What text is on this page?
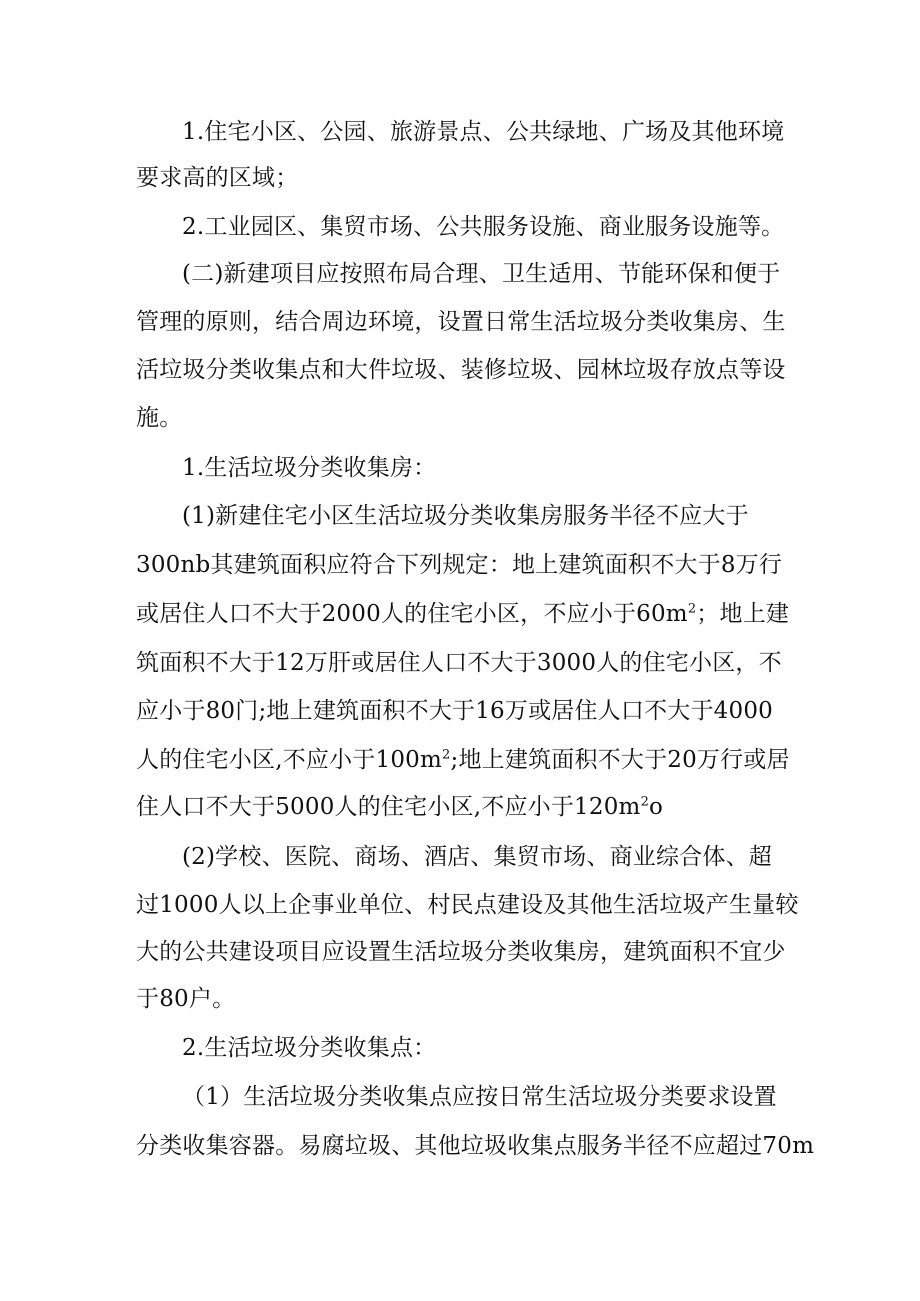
1.住宅小区、公园、旅游景点、公共绿地、广场及其他环境
要求高的区域；
2.工业园区、集贸市场、公共服务设施、商业服务设施等。
(二)新建项目应按照布局合理、卫生适用、节能环保和便于
管理的原则，结合周边环境，设置日常生活垃圾分类收集房、生
活垃圾分类收集点和大件垃圾、装修垃圾、园林垃圾存放点等设
施。
1.生活垃圾分类收集房：
(1)新建住宅小区生活垃圾分类收集房服务半径不应大于
300nb其建筑面积应符合下列规定：地上建筑面积不大于8万行
或居住人口不大于2000人的住宅小区，不应小于$60m^2$；地上建
筑面积不大于12万肝或居住人口不大于3000人的住宅小区，不
应小于80门;地上建筑面积不大于16万或居住人口不大于4000
人的住宅小区,不应小于$100m^2$;地上建筑面积不大于20万行或居
住人口不大于5000人的住宅小区,不应小于$120m^2o$
(2)学校、医院、商场、酒店、集贸市场、商业综合体、超
过1000人以上企事业单位、村民点建设及其他生活垃圾产生量较
大的公共建设项目应设置生活垃圾分类收集房，建筑面积不宜少
于80户。
2.生活垃圾分类收集点：
（1）生活垃圾分类收集点应按日常生活垃圾分类要求设置
分类收集容器。易腐垃圾、其他垃圾收集点服务半径不应超过70m
